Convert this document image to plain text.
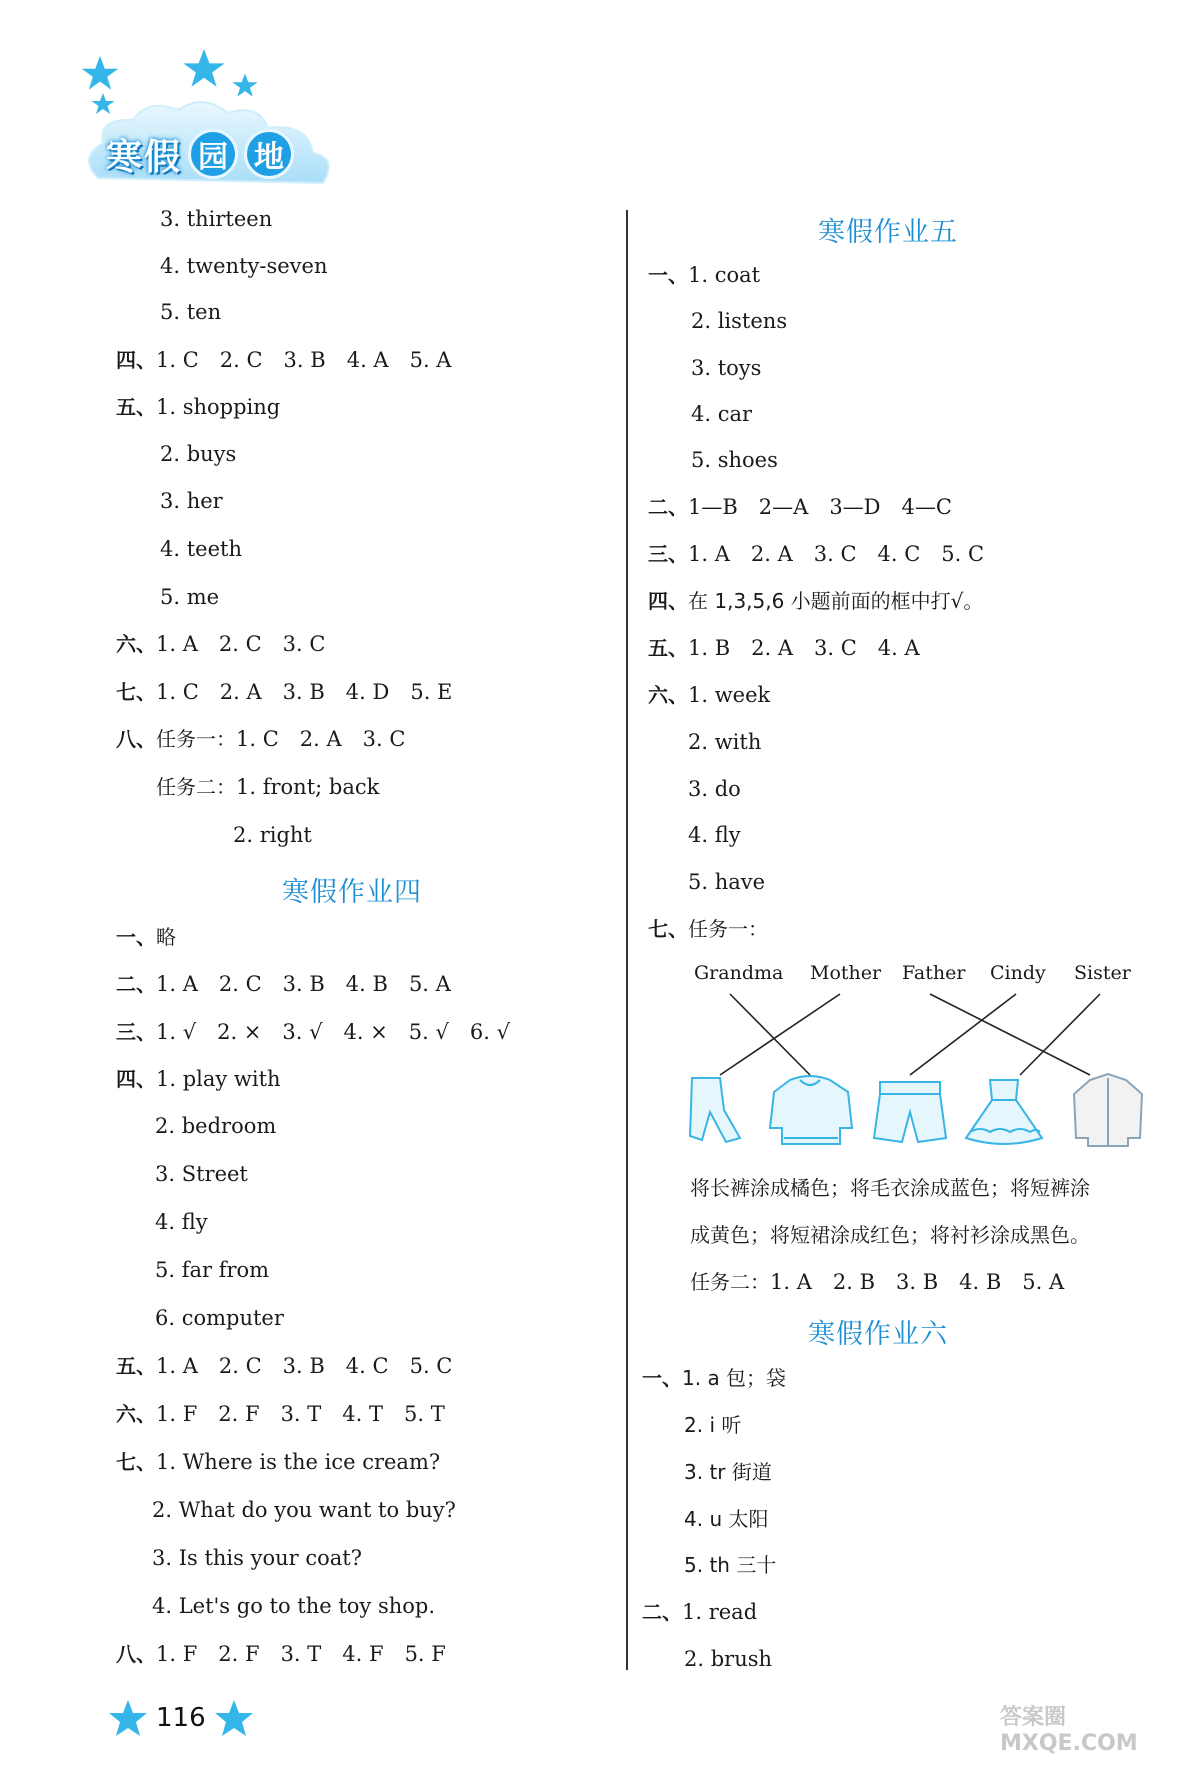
寒 假 园 地
3. thirteen
4. twenty-seven
5. ten
四、1. C　2. C　3. B　4. A　5. A
五、1. shopping
2. buys
3. her
4. teeth
5. me
六、1. A　2. C　3. C
七、1. C　2. A　3. B　4. D　5. E
八、任务一：1. C　2. A　3. C
任务二：1. front; back
2. right
寒假作业四
一、略
二、1. A　2. C　3. B　4. B　5. A
三、1. √　2. ×　3. √　4. ×　5. √　6. √
四、1. play with
2. bedroom
3. Street
4. fly
5. far from
6. computer
五、1. A　2. C　3. B　4. C　5. C
六、1. F　2. F　3. T　4. T　5. T
七、1. Where is the ice cream?
2. What do you want to buy?
3. Is this your coat?
4. Let's go to the toy shop.
八、1. F　2. F　3. T　4. F　5. F
寒假作业五
一、1. coat
2. listens
3. toys
4. car
5. shoes
二、1—B　2—A　3—D　4—C
三、1. A　2. A　3. C　4. C　5. C
四、在 1,3,5,6 小题前面的框中打√。
五、1. B　2. A　3. C　4. A
六、1. week
2. with
3. do
4. fly
5. have
七、任务一：
Grandma Mother Father Cindy Sister
将长裤涂成橘色；将毛衣涂成蓝色；将短裤涂
成黄色；将短裙涂成红色；将衬衫涂成黑色。
任务二：1. A　2. B　3. B　4. B　5. A
寒假作业六
一、1. a 包；袋
2. i 听
3. tr 街道
4. u 太阳
5. th 三十
二、1. read
2. brush
116	答案圈 MXQE.COM
